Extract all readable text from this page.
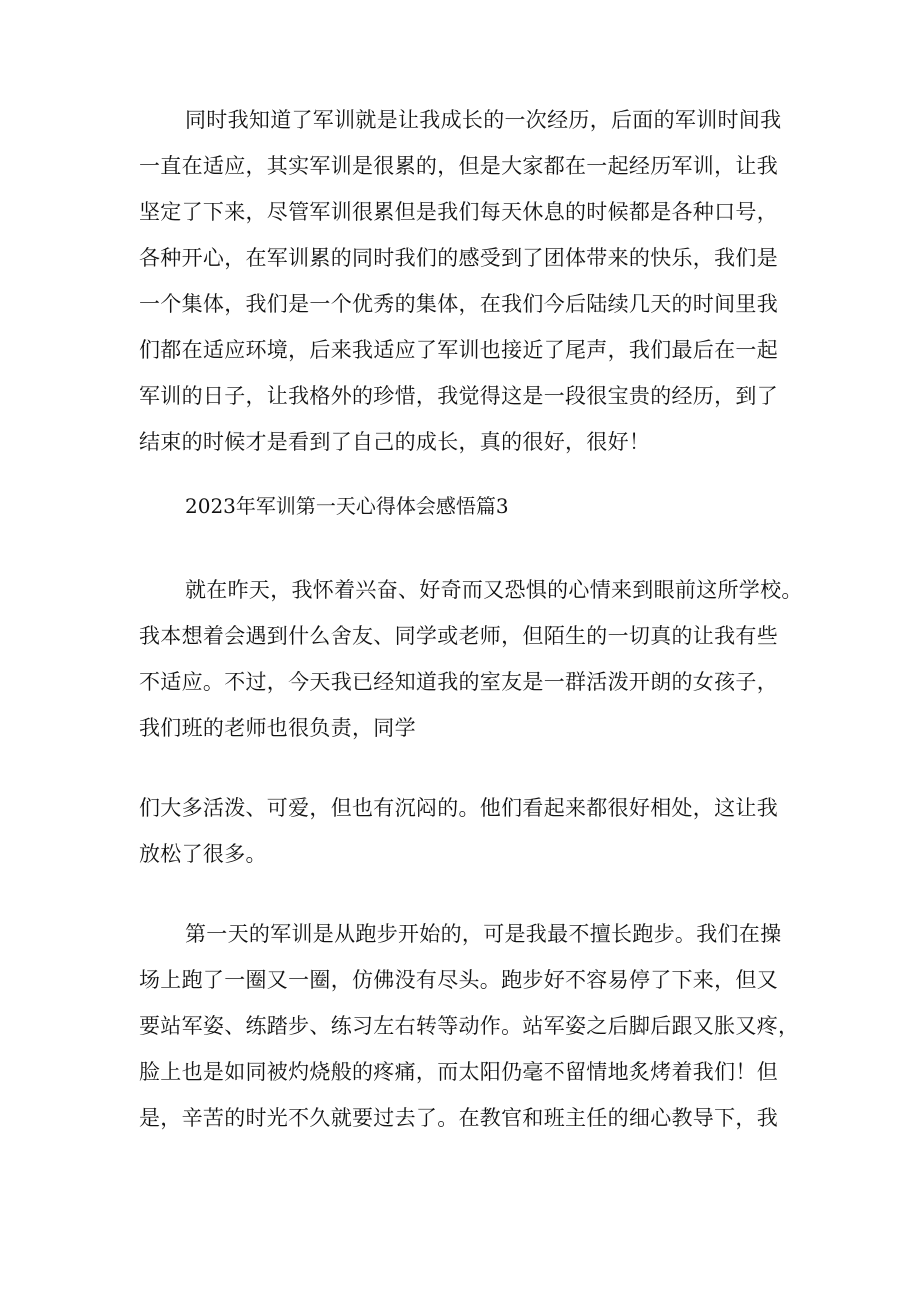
同时我知道了军训就是让我成长的一次经历，后面的军训时间我
一直在适应，其实军训是很累的，但是大家都在一起经历军训，让我
坚定了下来，尽管军训很累但是我们每天休息的时候都是各种口号，
各种开心，在军训累的同时我们的感受到了团体带来的快乐，我们是
一个集体，我们是一个优秀的集体，在我们今后陆续几天的时间里我
们都在适应环境，后来我适应了军训也接近了尾声，我们最后在一起
军训的日子，让我格外的珍惜，我觉得这是一段很宝贵的经历，到了
结束的时候才是看到了自己的成长，真的很好，很好！
2023年军训第一天心得体会感悟篇3
就在昨天，我怀着兴奋、好奇而又恐惧的心情来到眼前这所学校。
我本想着会遇到什么舍友、同学或老师，但陌生的一切真的让我有些
不适应。不过，今天我已经知道我的室友是一群活泼开朗的女孩子，
我们班的老师也很负责，同学
们大多活泼、可爱，但也有沉闷的。他们看起来都很好相处，这让我
放松了很多。
第一天的军训是从跑步开始的，可是我最不擅长跑步。我们在操
场上跑了一圈又一圈，仿佛没有尽头。跑步好不容易停了下来，但又
要站军姿、练踏步、练习左右转等动作。站军姿之后脚后跟又胀又疼，
脸上也是如同被灼烧般的疼痛，而太阳仍毫不留情地炙烤着我们！但
是，辛苦的时光不久就要过去了。在教官和班主任的细心教导下，我
